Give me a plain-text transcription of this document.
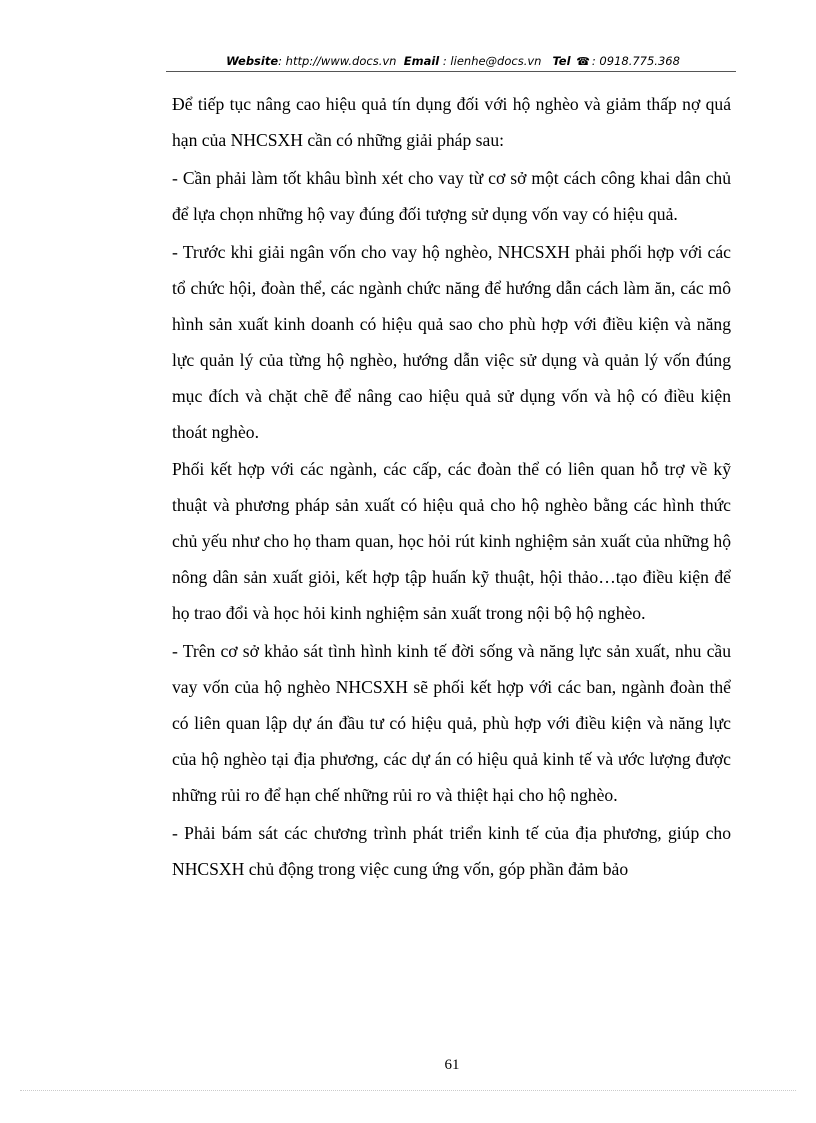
Website: http://www.docs.vn Email : lienhe@docs.vn Tel ☎ : 0918.775.368

Để tiếp tục nâng cao hiệu quả tín dụng đối với hộ nghèo và giảm thấp nợ quá hạn của NHCSXH cần có những giải pháp sau:

- Cần phải làm tốt khâu bình xét cho vay từ cơ sở một cách công khai dân chủ để lựa chọn những hộ vay đúng đối tượng sử dụng vốn vay có hiệu quả.

- Trước khi giải ngân vốn cho vay hộ nghèo, NHCSXH phải phối hợp với các tổ chức hội, đoàn thể, các ngành chức năng để hướng dẫn cách làm ăn, các mô hình sản xuất kinh doanh có hiệu quả sao cho phù hợp với điều kiện và năng lực quản lý của từng hộ nghèo, hướng dẫn việc sử dụng và quản lý vốn đúng mục đích và chặt chẽ để nâng cao hiệu quả sử dụng vốn và hộ có điều kiện thoát nghèo.

Phối kết hợp với các ngành, các cấp, các đoàn thể có liên quan hỗ trợ về kỹ thuật và phương pháp sản xuất có hiệu quả cho hộ nghèo bằng các hình thức chủ yếu như cho họ tham quan, học hỏi rút kinh nghiệm sản xuất của những hộ nông dân sản xuất giỏi, kết hợp tập huấn kỹ thuật, hội thảo…tạo điều kiện để họ trao đổi và học hỏi kinh nghiệm sản xuất trong nội bộ hộ nghèo.

- Trên cơ sở khảo sát tình hình kinh tế đời sống và năng lực sản xuất, nhu cầu vay vốn của hộ nghèo NHCSXH sẽ phối kết hợp với các ban, ngành đoàn thể có liên quan lập dự án đầu tư có hiệu quả, phù hợp với điều kiện và năng lực của hộ nghèo tại địa phương, các dự án có hiệu quả kinh tế và ước lượng được những rủi ro để hạn chế những rủi ro và thiệt hại cho hộ nghèo.

- Phải bám sát các chương trình phát triển kinh tế của địa phương, giúp cho NHCSXH chủ động trong việc cung ứng vốn, góp phần đảm bảo

61
